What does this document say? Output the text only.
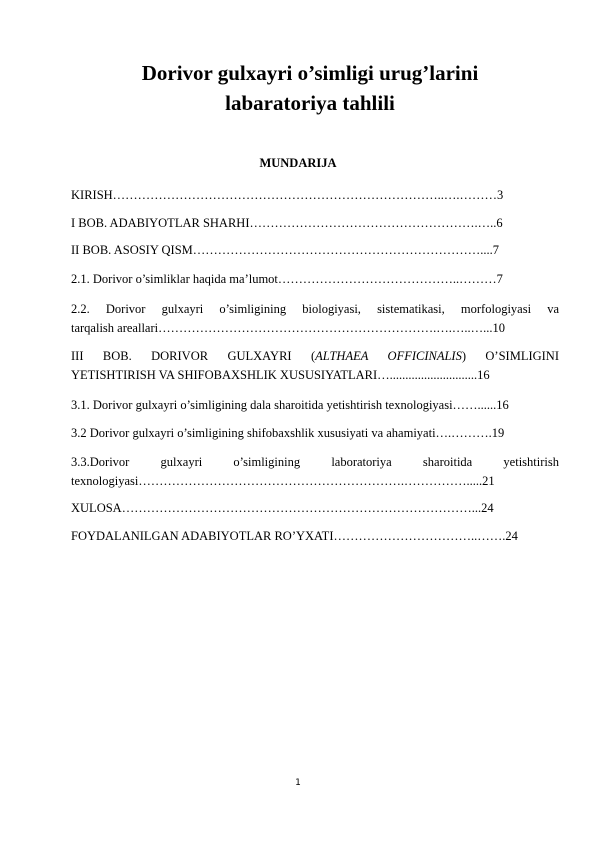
Dorivor gulxayri o’simligi urug’larini
labaratoriya tahlili
MUNDARIJA
KIRISH……………………………………………………………………..….………3
I BOB. ADABIYOTLAR SHARHI……………………………………………….…..6
II BOB. ASOSIY QISM……………………………………………………………....7
2.1. Dorivor o’simliklar haqida ma’lumot……………………………………..………7
2.2. Dorivor gulxayri o’simligining biologiyasi, sistematikasi, morfologiyasi va
tarqalish areallari………………………………………………………….….…..…...10
III BOB. DORIVOR GULXAYRI (ALTHAEA OFFICINALIS) O’SIMLIGINI
YETISHTIRISH VA SHIFOBAXSHLIK XUSUSIYATLARI…............................16
3.1. Dorivor gulxayri o’simligining dala sharoitida yetishtirish texnologiyasi……......16
3.2 Dorivor gulxayri o’simligining shifobaxshlik xususiyati va ahamiyati….……….19
3.3.Dorivor gulxayri o’simligining laboratoriya sharoitida yetishtirish
texnologiyasi……………………………………………………….…………….....21
XULOSA…………………………………………………………………………...24
FOYDALANILGAN ADABIYOTLAR RO’YXATI……………………………..…….24
1
